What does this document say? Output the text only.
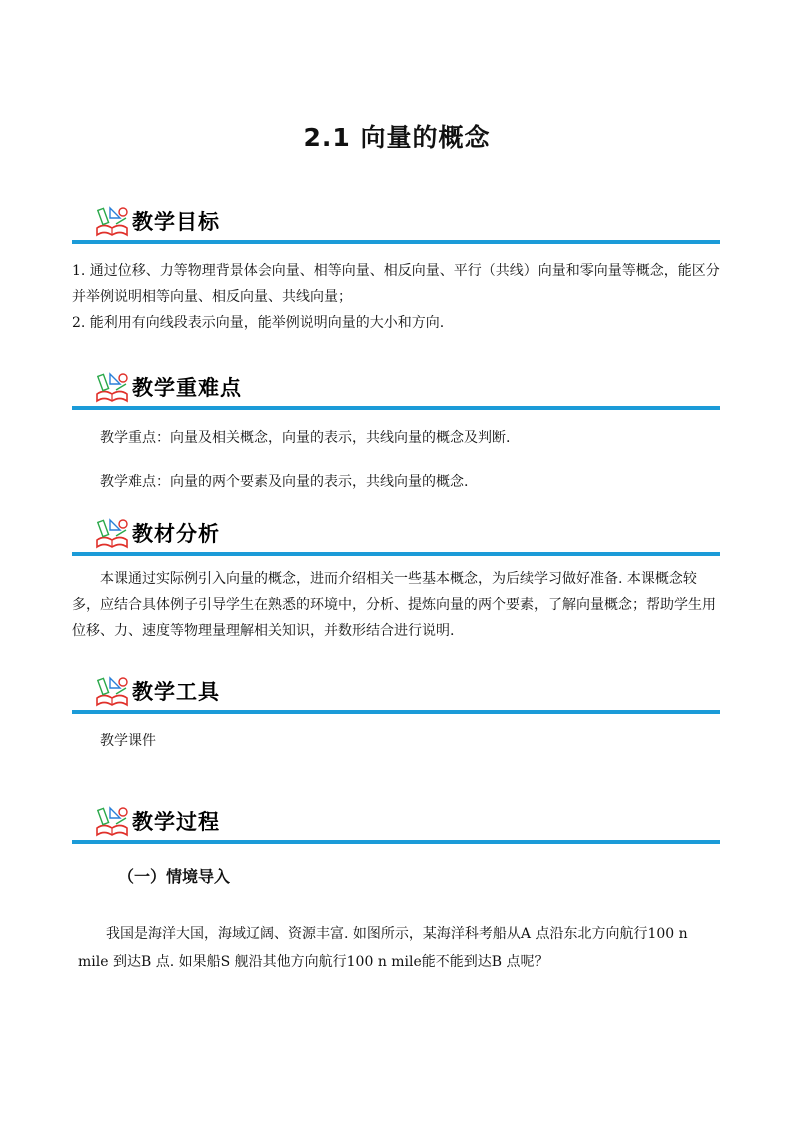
2.1 向量的概念
教学目标

1. 通过位移、力等物理背景体会向量、相等向量、相反向量、平行（共线）向量和零向量等概念，能区分并举例说明相等向量、相反向量、共线向量；

2. 能利用有向线段表示向量，能举例说明向量的大小和方向.

教学重难点

教学重点：向量及相关概念，向量的表示，共线向量的概念及判断.

教学难点：向量的两个要素及向量的表示，共线向量的概念.

教材分析

本课通过实际例引入向量的概念，进而介绍相关一些基本概念，为后续学习做好准备. 本课概念较多，应结合具体例子引导学生在熟悉的环境中，分析、提炼向量的两个要素，了解向量概念；帮助学生用位移、力、速度等物理量理解相关知识，并数形结合进行说明.

教学工具

教学课件

教学过程
（一）情境导入

我国是海洋大国，海域辽阔、资源丰富. 如图所示，某海洋科考船从A 点沿东北方向航行100 n mile 到达B 点. 如果船S 舰沿其他方向航行100 n mile能不能到达B 点呢？
